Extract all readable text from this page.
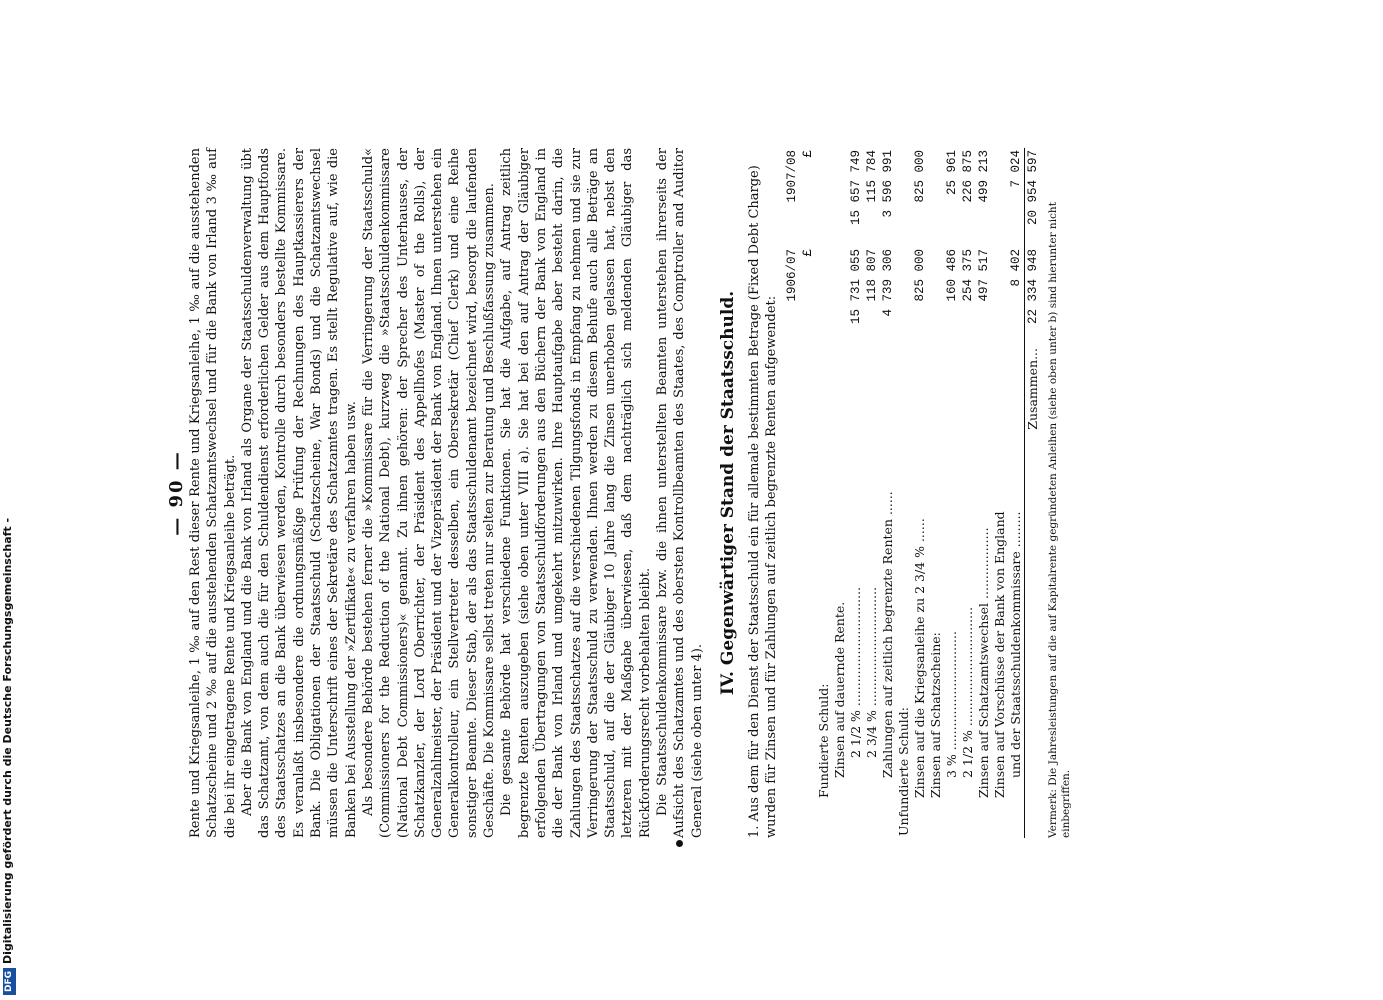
DFGDigitalisierung gefördert durch die Deutsche Forschungsgemeinschaft -	— 90 — Rente und Kriegsanleihe, 1 ‰ auf den Rest dieser Rente und Kriegsanleihe, 1 ‰ auf die ausstehenden Schatzscheine und 2 ‰ auf die ausstehenden Schatzamtswechsel und für die Bank von Irland 3 ‰ auf die bei ihr eingetragene Rente und Kriegsanleihe beträgt. Aber die Bank von England und die Bank von Irland als Organe der Staatsschuldenverwaltung übt das Schatzamt, von dem auch die für den Schuldendienst erforderlichen Gelder aus dem Hauptfonds des Staatsschatzes an die Bank überwiesen werden, Kontrolle durch besonders bestellte Kommissare. Es veranlaßt insbesondere die ordnungsmäßige Prüfung der Rechnungen des Hauptkassierers der Bank. Die Obligationen der Staatsschuld (Schatzscheine, War Bonds) und die Schatzamtswechsel müssen die Unterschrift eines der Sekretäre des Schatzamtes tragen. Es stellt Regulative auf, wie die Banken bei Ausstellung der »Zertifikate« zu verfahren haben usw. Als besondere Behörde bestehen ferner die »Kommissare für die Verringerung der Staatsschuld« (Commissioners for the Reduction of the National Debt), kurzweg die »Staatsschuldenkommissare (National Debt Commissioners)« genannt. Zu ihnen gehören: der Sprecher des Unterhauses, der Schatzkanzler, der Lord Oberrichter, der Präsident des Appellhofes (Master of the Rolls), der Generalzahlmeister, der Präsident und der Vizepräsident der Bank von England. Ihnen unterstehen ein Generalkontrolleur, ein Stellvertreter desselben, ein Obersekretär (Chief Clerk) und eine Reihe sonstiger Beamte. Dieser Stab, der als das Staatsschuldenamt bezeichnet wird, besorgt die laufenden Geschäfte. Die Kommissare selbst treten nur selten zur Beratung und Beschlußfassung zusammen. Die gesamte Behörde hat verschiedene Funktionen. Sie hat die Aufgabe, auf Antrag zeitlich begrenzte Renten auszugeben (siehe oben unter VIII a). Sie hat bei den auf Antrag der Gläubiger erfolgenden Übertragungen von Staatsschuldforderungen aus den Büchern der Bank von England in die der Bank von Irland und umgekehrt mitzuwirken. Ihre Hauptaufgabe aber besteht darin, die Zahlungen des Staatsschatzes auf die verschiedenen Tilgungsfonds in Empfang zu nehmen und sie zur Verringerung der Staatsschuld zu verwenden. Ihnen werden zu diesem Behufe auch alle Beträge an Staatsschuld, auf die der Gläubiger 10 Jahre lang die Zinsen unerhoben gelassen hat, nebst den letzteren mit der Maßgabe überwiesen, daß dem nachträglich sich meldenden Gläubiger das Rückforderungsrecht vorbehalten bleibt. Die Staatsschuldenkommissare bzw. die ihnen unterstellten Beamten unterstehen ihrerseits der Aufsicht des Schatzamtes und des obersten Kontrollbeamten des Staates, des Comptroller and Auditor General (siehe oben unter 4).

IV. Gegenwärtiger Stand der Staatsschuld. 1. Aus dem für den Dienst der Staatsschuld ein für allemale bestimmten Betrage (Fixed Debt Charge) wurden für Zinsen und für Zahlungen auf zeitlich begrenzte Renten aufgewendet:

	1906/07	1907/08
	£	£
Fundierte Schuld:		
Zinsen auf dauernde Rente.		
2 1/2 % ..............................	15 731 055	15 657 749
2 3/4 % ..............................	118 807	115 784
Zahlungen auf zeitlich begrenzte Renten ......	4 739 306	3 596 991
Unfundierte Schuld:		
Zinsen auf die Kriegsanleihe zu 2 3/4 % ......	825 000	825 000
Zinsen auf Schatzscheine:		
3 % ..............................	160 486	25 961
2 1/2 % ..............................	254 375	226 875
Zinsen auf Schatzamtswechsel ..................	497 517	499 213
Zinsen auf Vorschüsse der Bank von England		
und der Staatsschuldenkommissare .........	8 402	7 024
Zusammen...	22 334 948	20 954 597

Vermerk: Die Jahresleistungen auf die auf Kapitalrente gegründeten Anleihen (siehe oben unter b) sind hierunter nicht einbegriffen.
